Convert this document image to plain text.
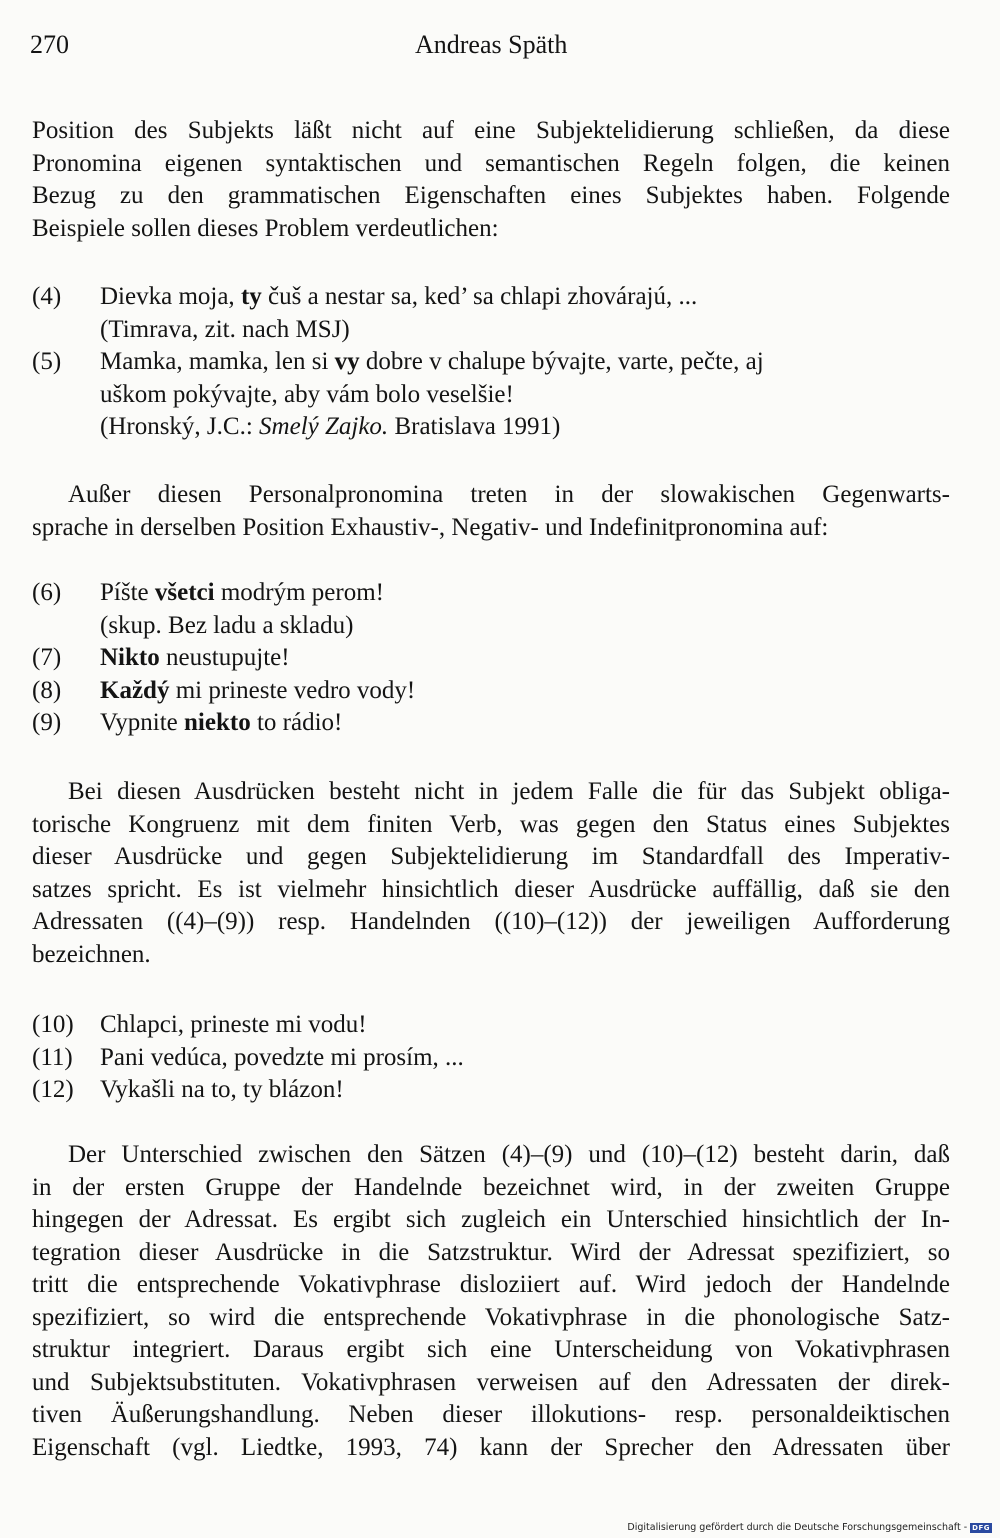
270	Andreas Späth
Position des Subjekts läßt nicht auf eine Subjektelidierung schließen, da diese
Pronomina eigenen syntaktischen und semantischen Regeln folgen, die keinen
Bezug zu den grammatischen Eigenschaften eines Subjektes haben. Folgende
Beispiele sollen dieses Problem verdeutlichen:
(4) Dievka moja, ty čuš a nestar sa, ked’ sa chlapi zhovárajú, ...
(Timrava, zit. nach MSJ)
(5) Mamka, mamka, len si vy dobre v chalupe bývajte, varte, pečte, aj
uškom pokývajte, aby vám bolo veselšie!
(Hronský, J.C.: Smelý Zajko. Bratislava 1991)
Außer diesen Personalpronomina treten in der slowakischen Gegenwarts-
sprache in derselben Position Exhaustiv-, Negativ- und Indefinitpronomina auf:
(6) Píšte všetci modrým perom!
(skup. Bez ladu a skladu)
(7) Nikto neustupujte!
(8) Každý mi prineste vedro vody!
(9) Vypnite niekto to rádio!
Bei diesen Ausdrücken besteht nicht in jedem Falle die für das Subjekt obliga-
torische Kongruenz mit dem finiten Verb, was gegen den Status eines Subjektes
dieser Ausdrücke und gegen Subjektelidierung im Standardfall des Imperativ-
satzes spricht. Es ist vielmehr hinsichtlich dieser Ausdrücke auffällig, daß sie den
Adressaten ((4)–(9)) resp. Handelnden ((10)–(12)) der jeweiligen Aufforderung
bezeichnen.
(10) Chlapci, prineste mi vodu!
(11) Pani vedúca, povedzte mi prosím, ...
(12) Vykašli na to, ty blázon!
Der Unterschied zwischen den Sätzen (4)–(9) und (10)–(12) besteht darin, daß
in der ersten Gruppe der Handelnde bezeichnet wird, in der zweiten Gruppe
hingegen der Adressat. Es ergibt sich zugleich ein Unterschied hinsichtlich der In-
tegration dieser Ausdrücke in die Satzstruktur. Wird der Adressat spezifiziert, so
tritt die entsprechende Vokativphrase disloziiert auf. Wird jedoch der Handelnde
spezifiziert, so wird die entsprechende Vokativphrase in die phonologische Satz-
struktur integriert. Daraus ergibt sich eine Unterscheidung von Vokativphrasen
und Subjektsubstituten. Vokativphrasen verweisen auf den Adressaten der direk-
tiven Äußerungshandlung. Neben dieser illokutions- resp. personaldeiktischen
Eigenschaft (vgl. Liedtke, 1993, 74) kann der Sprecher den Adressaten über
Digitalisierung gefördert durch die Deutsche Forschungsgemeinschaft - DFG
